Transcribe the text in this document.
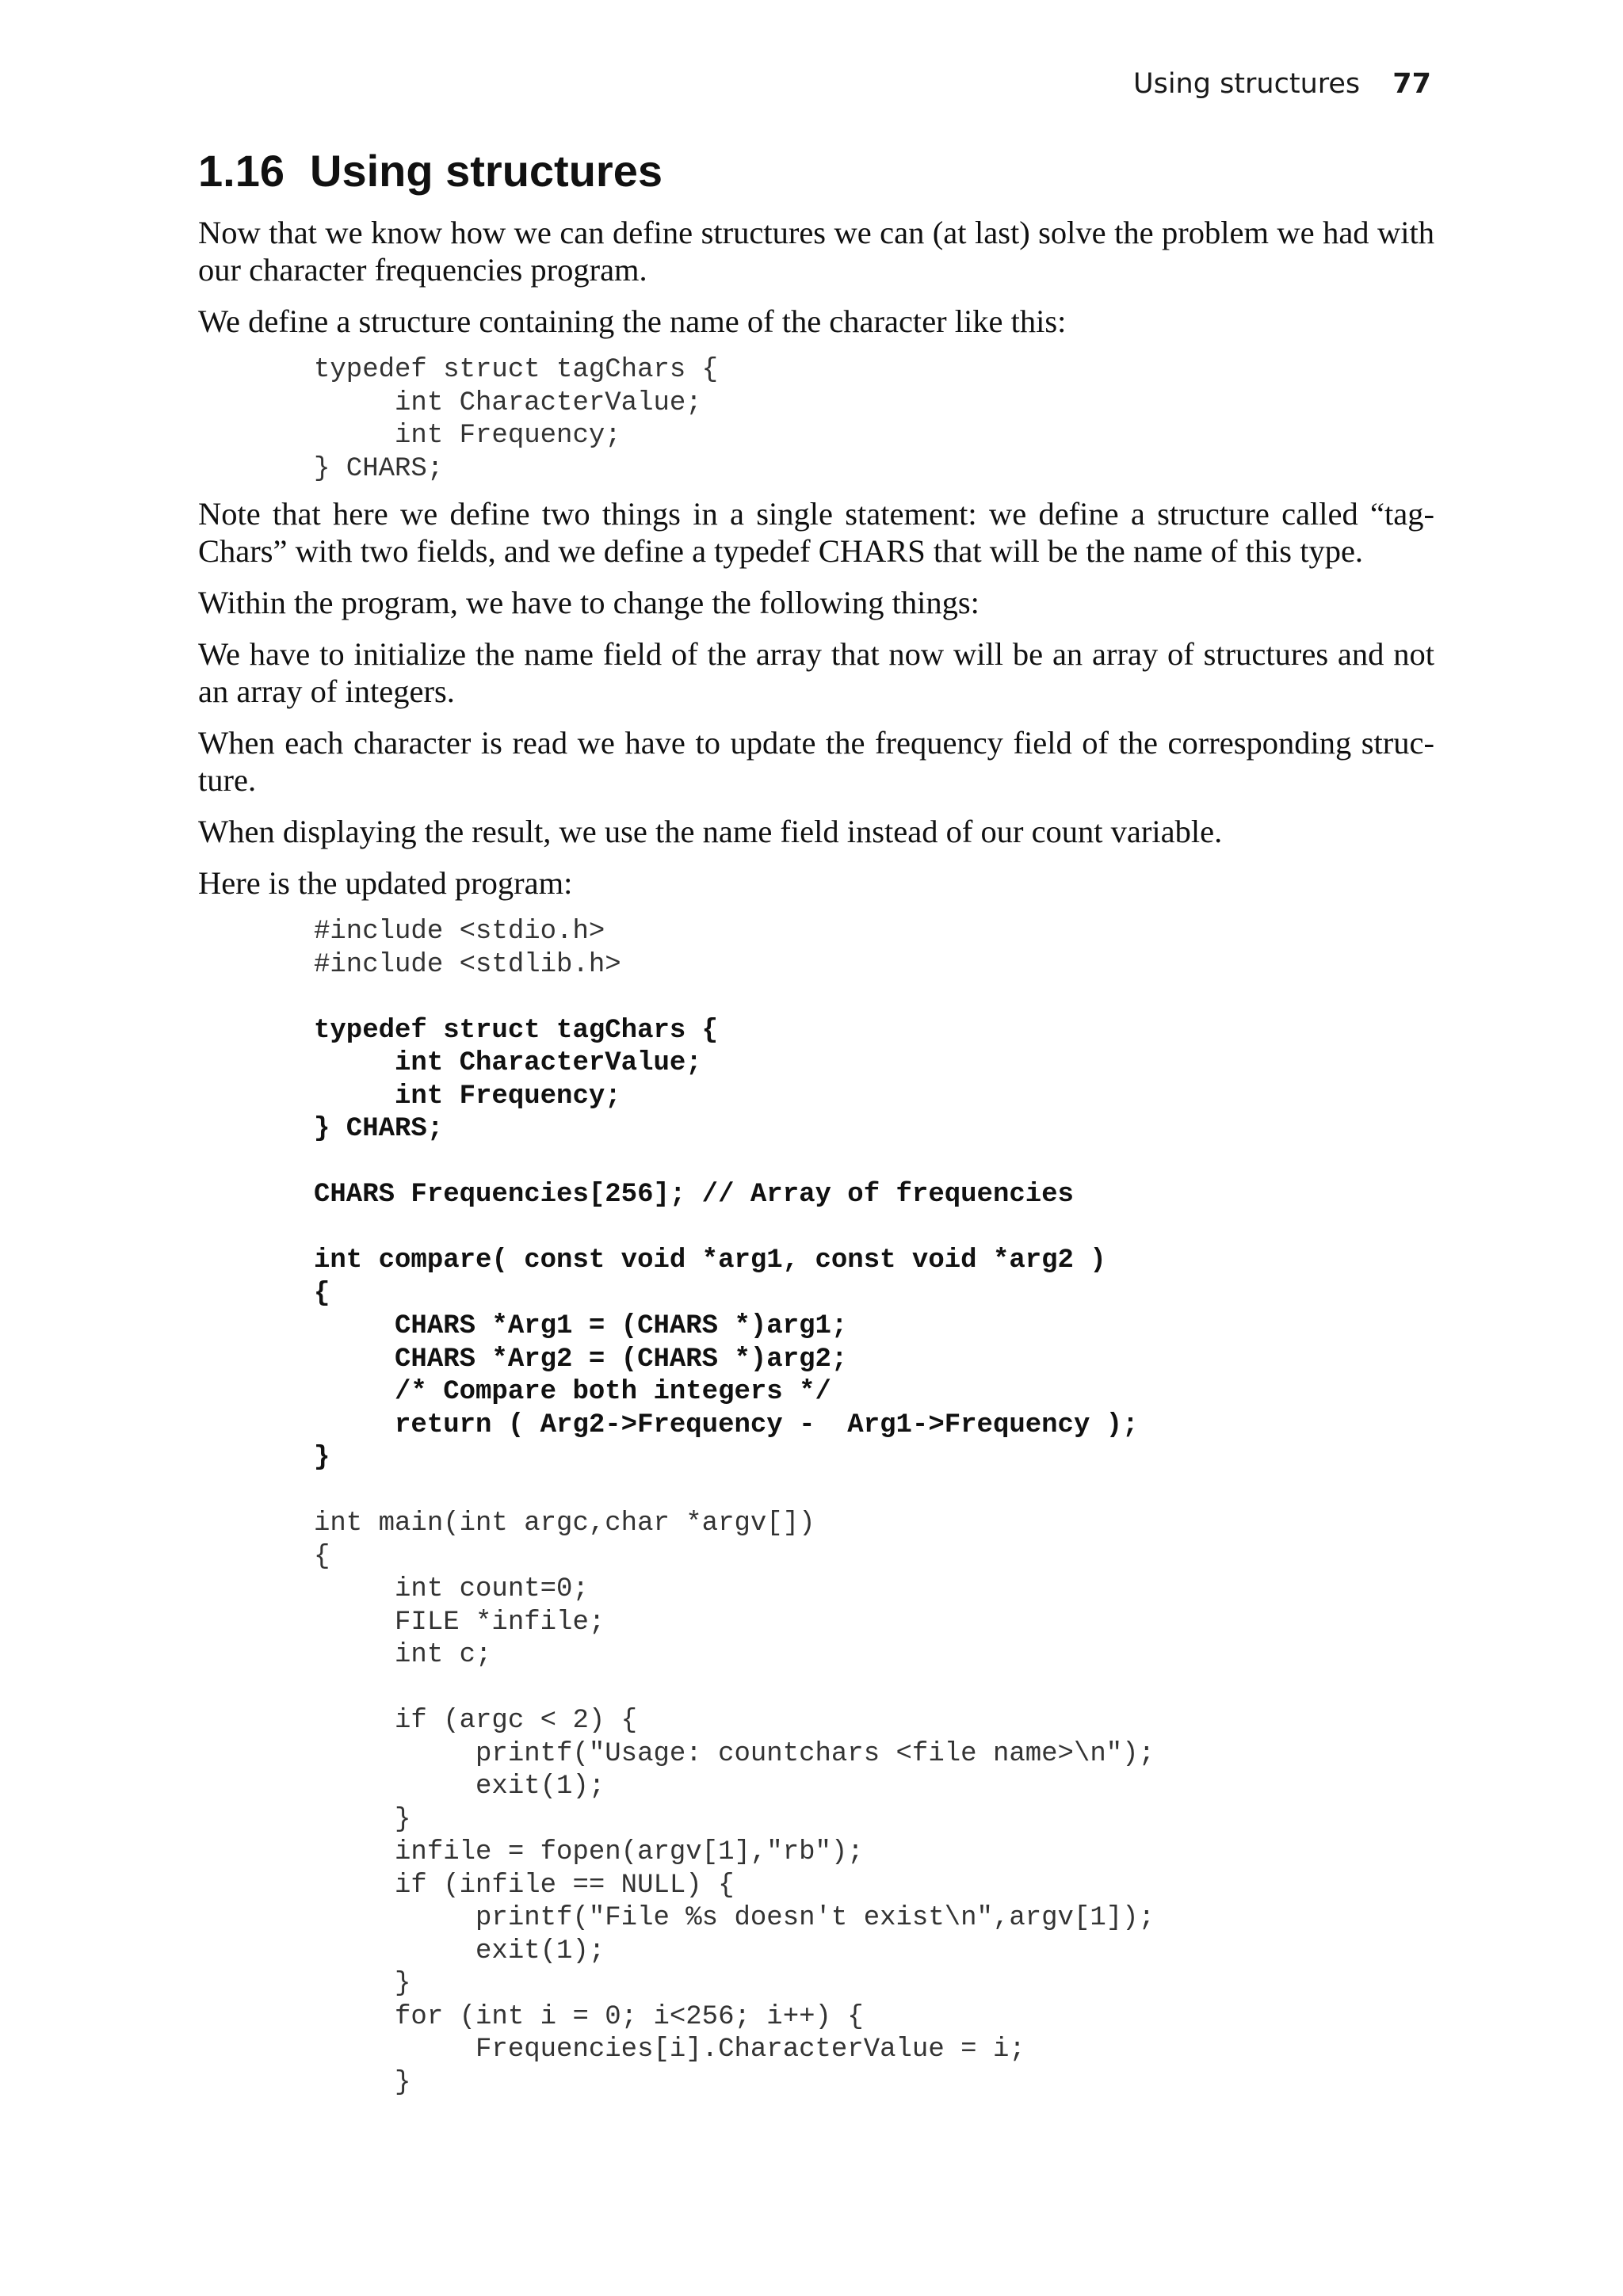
Using structures 77
1.16 Using structures

Now that we know how we can define structures we can (at last) solve the problem we had with our character frequencies program.

We define a structure containing the name of the character like this:

typedef struct tagChars {
int CharacterValue;
int Frequency;
} CHARS;

Note that here we define two things in a single statement: we define a structure called “tag-Chars” with two fields, and we define a typedef CHARS that will be the name of this type.

Within the program, we have to change the following things:

We have to initialize the name field of the array that now will be an array of structures and not an array of integers.

When each character is read we have to update the frequency field of the corresponding struc-ture.

When displaying the result, we use the name field instead of our count variable.

Here is the updated program:

#include <stdio.h>
#include <stdlib.h>
typedef struct tagChars {
int CharacterValue;
int Frequency;
} CHARS;
CHARS Frequencies[256]; // Array of frequencies
int compare( const void *arg1, const void *arg2 )
{
CHARS *Arg1 = (CHARS *)arg1;
CHARS *Arg2 = (CHARS *)arg2;
/* Compare both integers */
return ( Arg2->Frequency -  Arg1->Frequency );
}
int main(int argc,char *argv[])
{
int count=0;
FILE *infile;
int c;
if (argc < 2) {
printf("Usage: countchars <file name>\n");
exit(1);
}
infile = fopen(argv[1],"rb");
if (infile == NULL) {
printf("File %s doesn't exist\n",argv[1]);
exit(1);
}
for (int i = 0; i<256; i++) {
Frequencies[i].CharacterValue = i;
}
